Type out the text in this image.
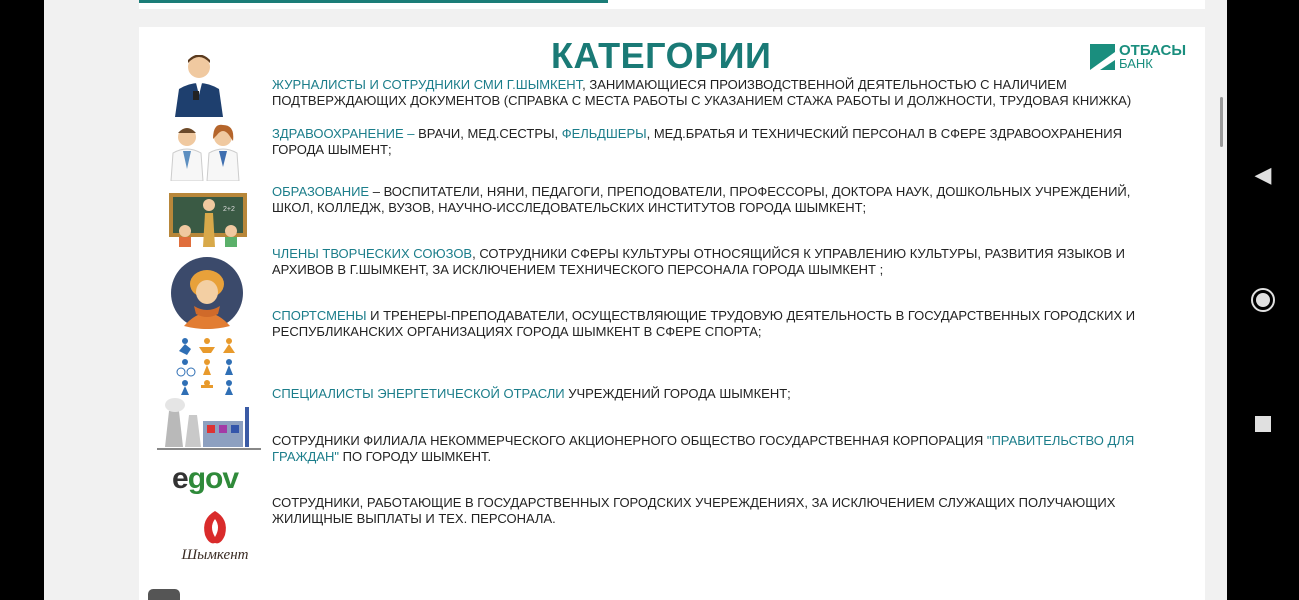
КАТЕГОРИИ	ОТБАСЫ
БАНК
2+2
egov
Шымкент
ЖУРНАЛИСТЫ И СОТРУДНИКИ СМИ Г.ШЫМКЕНТ, ЗАНИМАЮЩИЕСЯ ПРОИЗВОДСТВЕННОЙ ДЕЯТЕЛЬНОСТЬЮ С НАЛИЧИЕМ ПОДТВЕРЖДАЮЩИХ ДОКУМЕНТОВ (СПРАВКА С МЕСТА РАБОТЫ С УКАЗАНИЕМ СТАЖА РАБОТЫ И ДОЛЖНОСТИ, ТРУДОВАЯ КНИЖКА)
ЗДРАВООХРАНЕНИЕ – ВРАЧИ, МЕД.СЕСТРЫ, ФЕЛЬДШЕРЫ, МЕД.БРАТЬЯ И ТЕХНИЧЕСКИЙ ПЕРСОНАЛ В СФЕРЕ ЗДРАВООХРАНЕНИЯ ГОРОДА ШЫМЕНТ;
ОБРАЗОВАНИЕ – ВОСПИТАТЕЛИ, НЯНИ, ПЕДАГОГИ, ПРЕПОДОВАТЕЛИ, ПРОФЕССОРЫ, ДОКТОРА НАУК, ДОШКОЛЬНЫХ УЧРЕЖДЕНИЙ, ШКОЛ, КОЛЛЕДЖ, ВУЗОВ, НАУЧНО-ИССЛЕДОВАТЕЛЬСКИХ ИНСТИТУТОВ ГОРОДА ШЫМКЕНТ;
ЧЛЕНЫ ТВОРЧЕСКИХ СОЮЗОВ, СОТРУДНИКИ СФЕРЫ КУЛЬТУРЫ ОТНОСЯЩИЙСЯ К УПРАВЛЕНИЮ КУЛЬТУРЫ, РАЗВИТИЯ ЯЗЫКОВ И АРХИВОВ В Г.ШЫМКЕНТ, ЗА ИСКЛЮЧЕНИЕМ ТЕХНИЧЕСКОГО ПЕРСОНАЛА ГОРОДА ШЫМКЕНТ ;
СПОРТСМЕНЫ И ТРЕНЕРЫ-ПРЕПОДАВАТЕЛИ, ОСУЩЕСТВЛЯЮЩИЕ ТРУДОВУЮ ДЕЯТЕЛЬНОСТЬ В ГОСУДАРСТВЕННЫХ ГОРОДСКИХ И РЕСПУБЛИКАНСКИХ ОРГАНИЗАЦИЯХ ГОРОДА ШЫМКЕНТ В СФЕРЕ СПОРТА;
СПЕЦИАЛИСТЫ ЭНЕРГЕТИЧЕСКОЙ ОТРАСЛИ УЧРЕЖДЕНИЙ ГОРОДА ШЫМКЕНТ;
СОТРУДНИКИ ФИЛИАЛА НЕКОММЕРЧЕСКОГО АКЦИОНЕРНОГО ОБЩЕСТВО ГОСУДАРСТВЕННАЯ КОРПОРАЦИЯ "ПРАВИТЕЛЬСТВО ДЛЯ ГРАЖДАН" ПО ГОРОДУ ШЫМКЕНТ.
СОТРУДНИКИ, РАБОТАЮЩИЕ В ГОСУДАРСТВЕННЫХ ГОРОДСКИХ УЧЕРЕЖДЕНИЯХ, ЗА ИСКЛЮЧЕНИЕМ СЛУЖАЩИХ ПОЛУЧАЮЩИХ ЖИЛИЩНЫЕ ВЫПЛАТЫ И ТЕХ. ПЕРСОНАЛА.
◀
